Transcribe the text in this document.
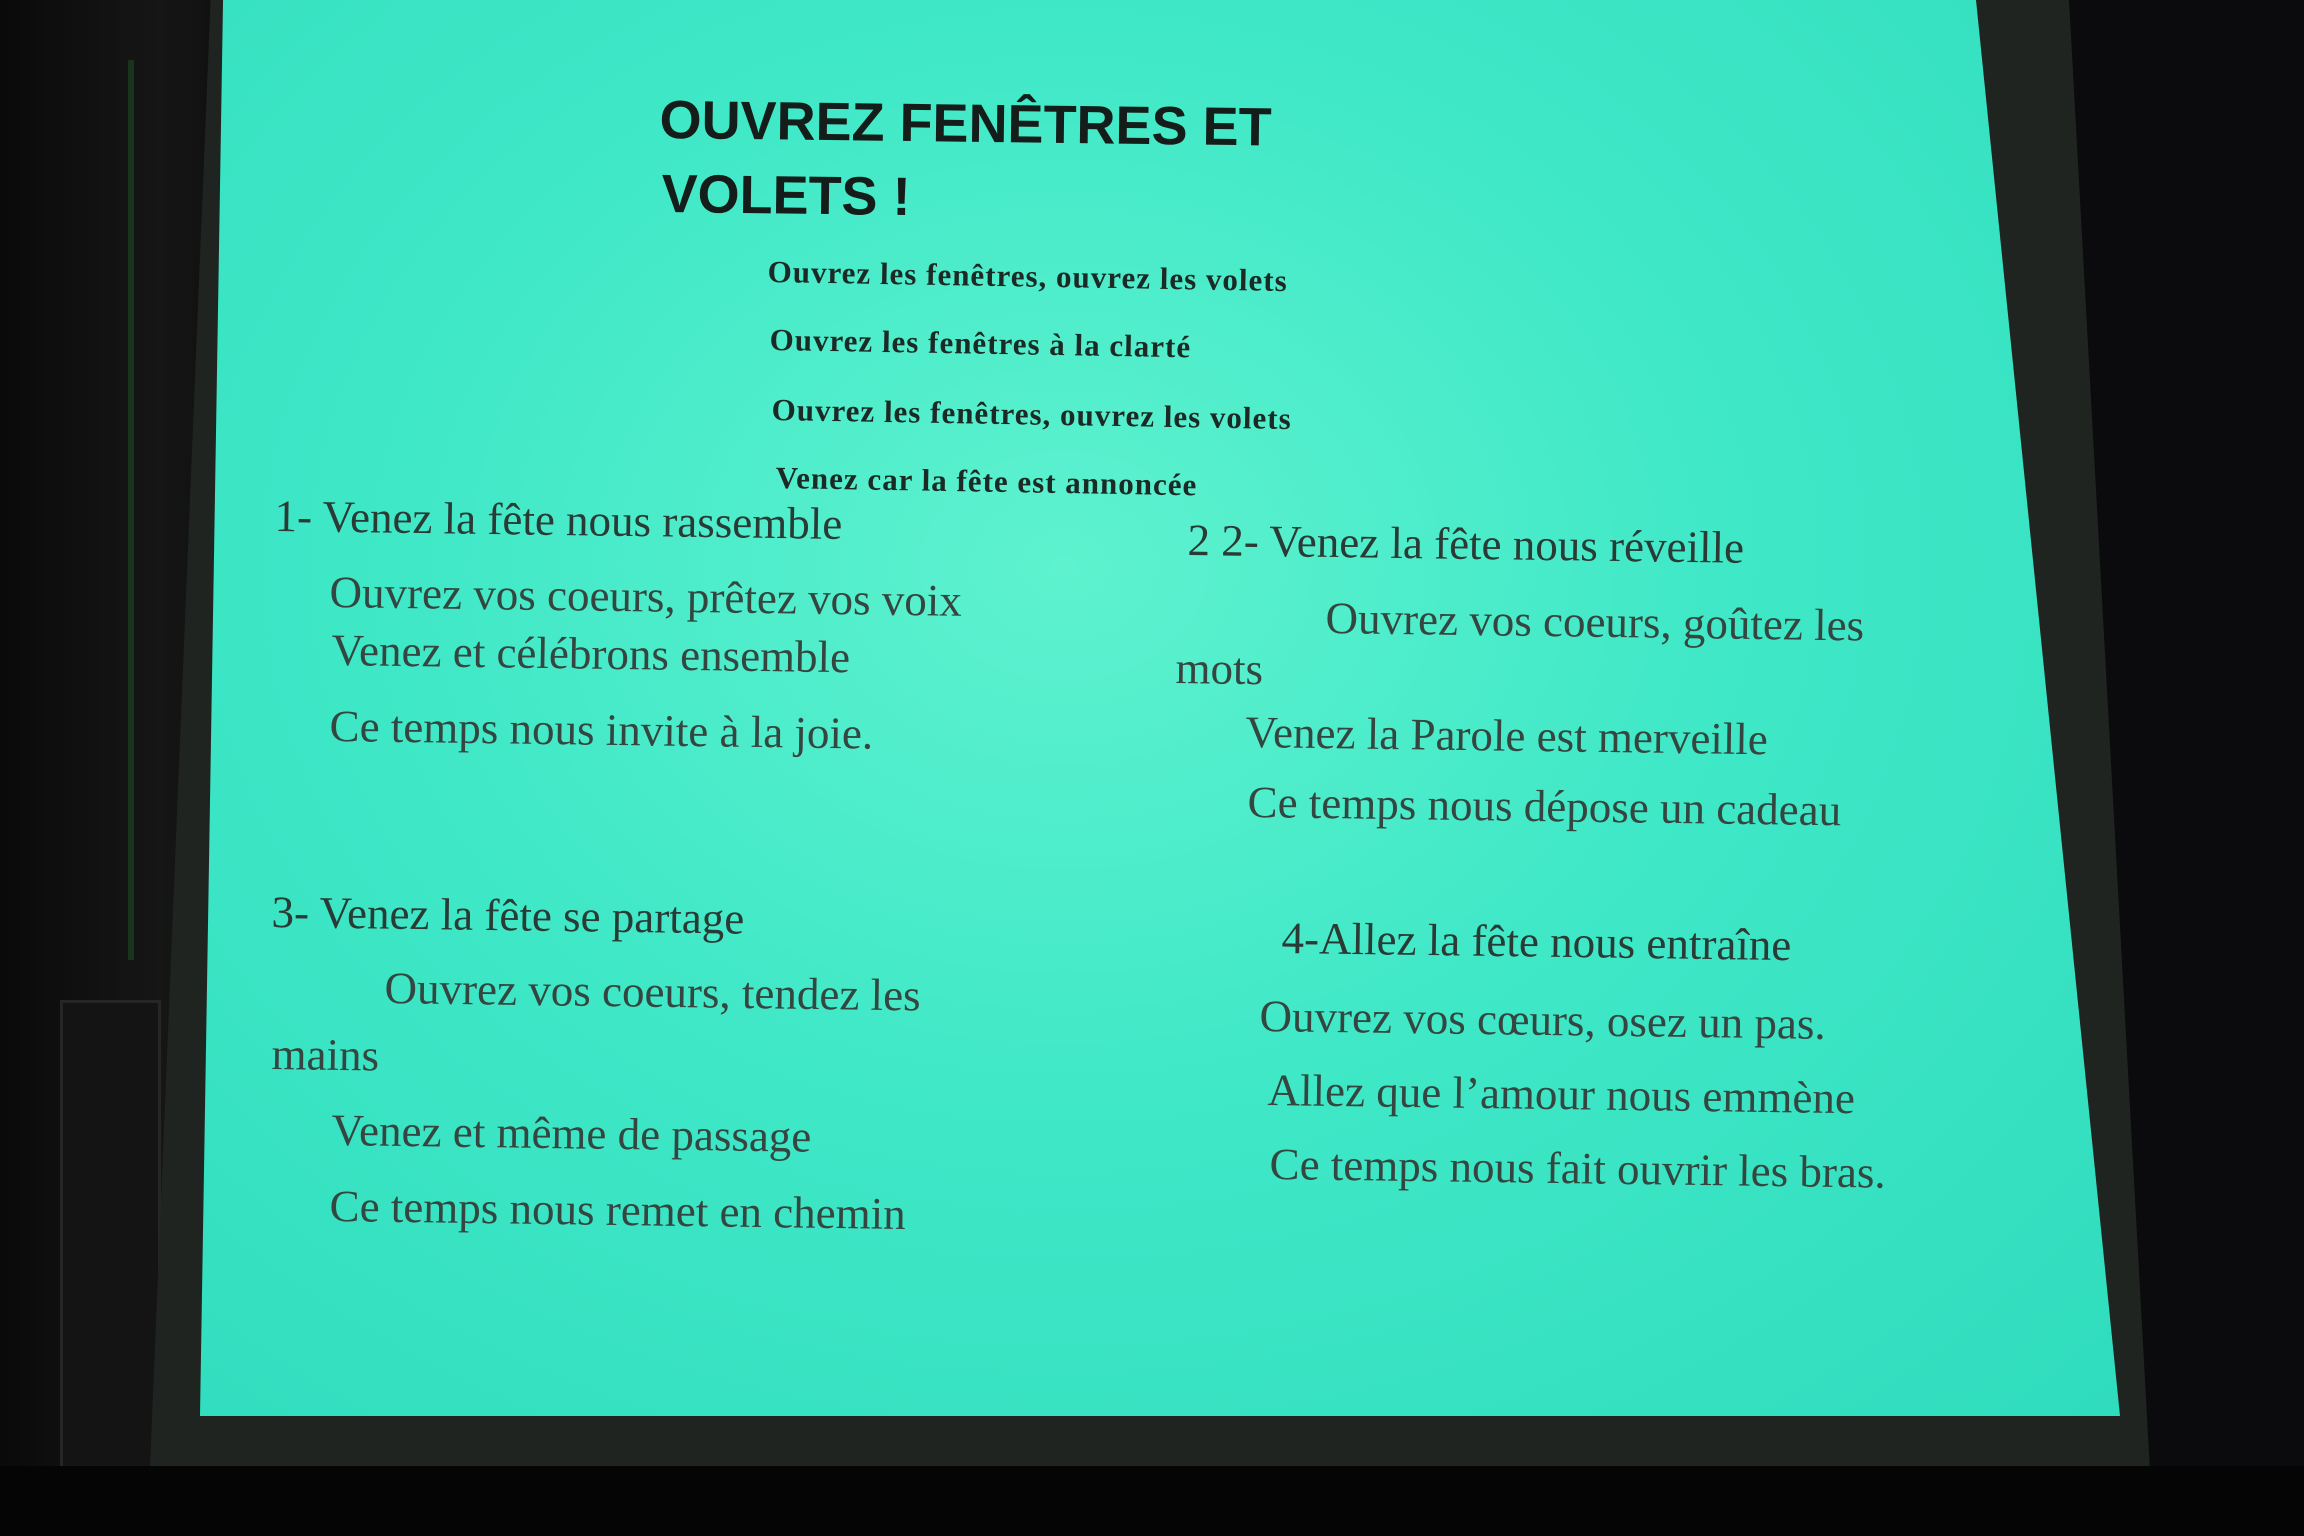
OUVREZ FENÊTRES ET
VOLETS !
Ouvrez les fenêtres, ouvrez les volets
Ouvrez les fenêtres à la clarté
Ouvrez les fenêtres, ouvrez les volets
Venez car la fête est annoncée
1- Venez la fête nous rassemble
Ouvrez vos coeurs, prêtez vos voix
Venez et célébrons ensemble
Ce temps nous invite à la joie.
2 2- Venez la fête nous réveille
Ouvrez vos coeurs, goûtez les
mots
Venez la Parole est merveille
Ce temps nous dépose un cadeau
3- Venez la fête se partage
Ouvrez vos coeurs, tendez les
mains
Venez et même de passage
Ce temps nous remet en chemin
4-Allez la fête nous entraîne
Ouvrez vos cœurs, osez un pas.
Allez que l’amour nous emmène
Ce temps nous fait ouvrir les bras.
